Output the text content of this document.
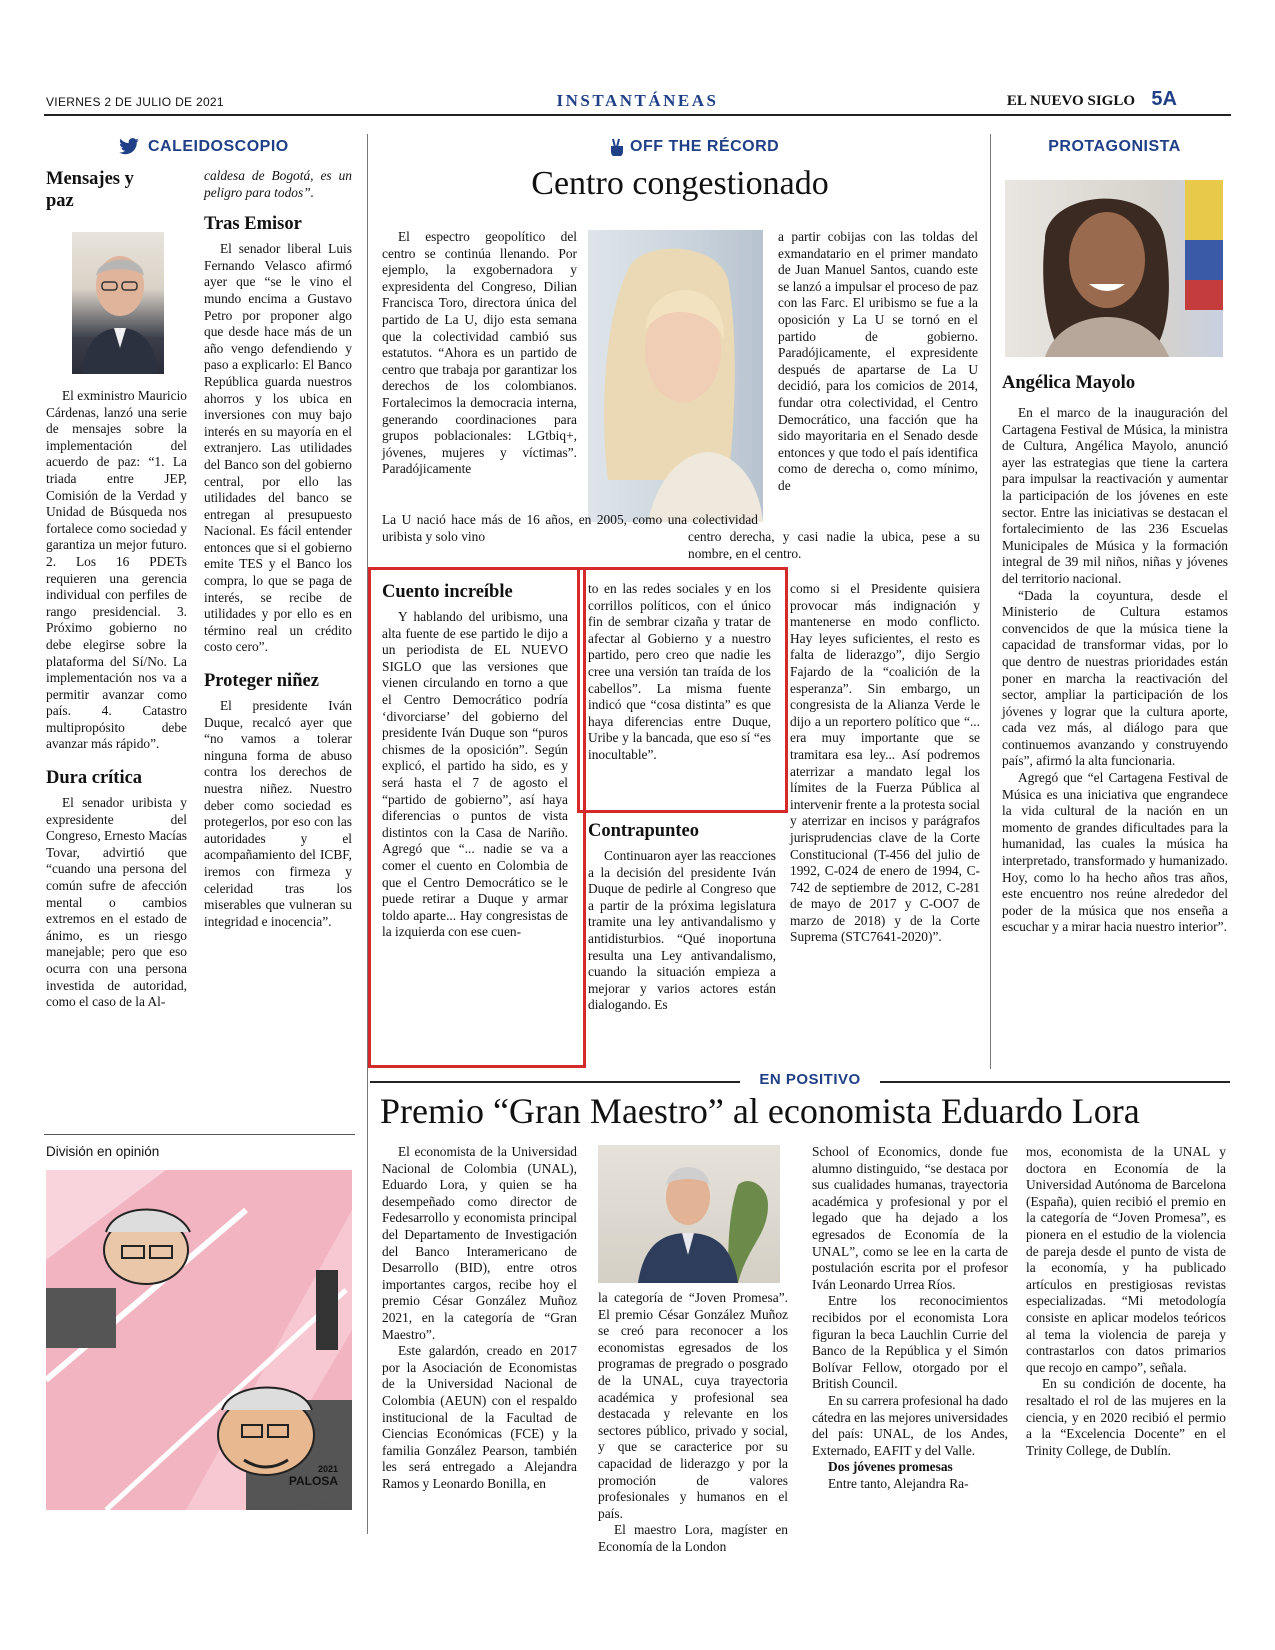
VIERNES 2 DE JULIO DE 2021	INSTANTÁNEAS	EL NUEVO SIGLO 5A
CALEIDOSCOPIO
Mensajes y paz

El exministro Mauricio Cárdenas, lanzó una serie de mensajes sobre la implementación del acuerdo de paz: “1. La triada entre JEP, Comisión de la Verdad y Unidad de Búsqueda nos fortalece como sociedad y garantiza un mejor futuro. 2. Los 16 PDETs requieren una gerencia individual con perfiles de rango presidencial. 3. Próximo gobierno no debe elegirse sobre la plataforma del Sí/No. La implementación nos va a permitir avanzar como país. 4. Catastro multipropósito debe avanzar más rápido”.

Dura crítica

El senador uribista y expresidente del Congreso, Ernesto Macías Tovar, advirtió que “cuando una persona del común sufre de afección mental o cambios extremos en el estado de ánimo, es un riesgo manejable; pero que eso ocurra con una persona investida de autoridad, como el caso de la Al-

caldesa de Bogotá, es un peligro para todos”.

Tras Emisor

El senador liberal Luis Fernando Velasco afirmó ayer que “se le vino el mundo encima a Gustavo Petro por proponer algo que desde hace más de un año vengo defendiendo y paso a explicarlo: El Banco República guarda nuestros ahorros y los ubica en inversiones con muy bajo interés en su mayoría en el extranjero. Las utilidades del Banco son del gobierno central, por ello las utilidades del banco se entregan al presupuesto Nacional. Es fácil entender entonces que si el gobierno emite TES y el Banco los compra, lo que se paga de interés, se recibe de utilidades y por ello es en término real un crédito costo cero”.

Proteger niñez

El presidente Iván Duque, recalcó ayer que “no vamos a tolerar ninguna forma de abuso contra los derechos de nuestra niñez. Nuestro deber como sociedad es protegerlos, por eso con las autoridades y el acompañamiento del ICBF, iremos con firmeza y celeridad tras los miserables que vulneran su integridad e inocencia”.

División en opinión
2021
PALOSA
T-I-F @Palosatoon
OFF THE RÉCORD
Centro congestionado

El espectro geopolítico del centro se continúa llenando. Por ejemplo, la exgobernadora y expresidenta del Congreso, Dilian Francisca Toro, directora única del partido de La U, dijo esta semana que la colectividad cambió sus estatutos. “Ahora es un partido de centro que trabaja por garantizar los derechos de los colombianos. Fortalecimos la democracia interna, generando coordinaciones para grupos poblacionales: LGtbiq+, jóvenes, mujeres y víctimas”. Paradójicamente

La U nació hace más de 16 años, en 2005, como una colectividad uribista y solo vino	centro derecha, y casi nadie la ubica, pese a su nombre, en el centro.

a partir cobijas con las toldas del exmandatario en el primer mandato de Juan Manuel Santos, cuando este se lanzó a impulsar el proceso de paz con las Farc. El uribismo se fue a la oposición y La U se tornó en el partido de gobierno. Paradójicamente, el expresidente después de apartarse de La U decidió, para los comicios de 2014, fundar otra colectividad, el Centro Democrático, una facción que ha sido mayoritaria en el Senado desde entonces y que todo el país identifica como de derecha o, como mínimo, de

Cuento increíble

Y hablando del uribismo, una alta fuente de ese partido le dijo a un periodista de EL NUEVO SIGLO que las versiones que vienen circulando en torno a que el Centro Democrático podría ‘divorciarse’ del gobierno del presidente Iván Duque son “puros chismes de la oposición”. Según explicó, el partido ha sido, es y será hasta el 7 de agosto el “partido de gobierno”, así haya diferencias o puntos de vista distintos con la Casa de Nariño. Agregó que “... nadie se va a comer el cuento en Colombia de que el Centro Democrático se le puede retirar a Duque y armar toldo aparte... Hay congresistas de la izquierda con ese cuen-

to en las redes sociales y en los corrillos políticos, con el único fin de sembrar cizaña y tratar de afectar al Gobierno y a nuestro partido, pero creo que nadie les cree una versión tan traída de los cabellos”. La misma fuente indicó que “cosa distinta” es que haya diferencias entre Duque, Uribe y la bancada, que eso sí “es inocultable”.

Contrapunteo

Continuaron ayer las reacciones a la decisión del presidente Iván Duque de pedirle al Congreso que a partir de la próxima legislatura tramite una ley antivandalismo y antidisturbios. “Qué inoportuna resulta una Ley antivandalismo, cuando la situación empieza a mejorar y varios actores están dialogando. Es

como si el Presidente quisiera provocar más indignación y mantenerse en modo conflicto. Hay leyes suficientes, el resto es falta de liderazgo”, dijo Sergio Fajardo de la “coalición de la esperanza”. Sin embargo, un congresista de la Alianza Verde le dijo a un reportero político que “... era muy importante que se tramitara esa ley... Así podremos aterrizar a mandato legal los límites de la Fuerza Pública al intervenir frente a la protesta social y aterrizar en incisos y parágrafos jurisprudencias clave de la Corte Constitucional (T-456 del julio de 1992, C-024 de enero de 1994, C-742 de septiembre de 2012, C-281 de mayo de 2017 y C-OO7 de marzo de 2018) y de la Corte Suprema (STC7641-2020)”.

PROTAGONISTA
Angélica Mayolo

En el marco de la inauguración del Cartagena Festival de Música, la ministra de Cultura, Angélica Mayolo, anunció ayer las estrategias que tiene la cartera para impulsar la reactivación y aumentar la participación de los jóvenes en este sector. Entre las iniciativas se destacan el fortalecimiento de las 236 Escuelas Municipales de Música y la formación integral de 39 mil niños, niñas y jóvenes del territorio nacional.

“Dada la coyuntura, desde el Ministerio de Cultura estamos convencidos de que la música tiene la capacidad de transformar vidas, por lo que dentro de nuestras prioridades están poner en marcha la reactivación del sector, ampliar la participación de los jóvenes y lograr que la cultura aporte, cada vez más, al diálogo para que continuemos avanzando y construyendo país”, afirmó la alta funcionaria.

Agregó que “el Cartagena Festival de Música es una iniciativa que engrandece la vida cultural de la nación en un momento de grandes dificultades para la humanidad, las cuales la música ha interpretado, transformado y humanizado. Hoy, como lo ha hecho años tras años, este encuentro nos reúne alrededor del poder de la música que nos enseña a escuchar y a mirar hacia nuestro interior”.

EN POSITIVO
Premio “Gran Maestro” al economista Eduardo Lora

El economista de la Universidad Nacional de Colombia (UNAL), Eduardo Lora, y quien se ha desempeñado como director de Fedesarrollo y economista principal del Departamento de Investigación del Banco Interamericano de Desarrollo (BID), entre otros importantes cargos, recibe hoy el premio César González Muñoz 2021, en la categoría de “Gran Maestro”.

Este galardón, creado en 2017 por la Asociación de Economistas de la Universidad Nacional de Colombia (AEUN) con el respaldo institucional de la Facultad de Ciencias Económicas (FCE) y la familia González Pearson, también les será entregado a Alejandra Ramos y Leonardo Bonilla, en

la categoría de “Joven Promesa”. El premio César González Muñoz se creó para reconocer a los economistas egresados de los programas de pregrado o posgrado de la UNAL, cuya trayectoria académica y profesional sea destacada y relevante en los sectores público, privado y social, y que se caracterice por su capacidad de liderazgo y por la promoción de valores profesionales y humanos en el país.

El maestro Lora, magíster en Economía de la London

School of Economics, donde fue alumno distinguido, “se destaca por sus cualidades humanas, trayectoria académica y profesional y por el legado que ha dejado a los egresados de Economía de la UNAL”, como se lee en la carta de postulación escrita por el profesor Iván Leonardo Urrea Ríos.

Entre los reconocimientos recibidos por el economista Lora figuran la beca Lauchlin Currie del Banco de la República y el Simón Bolívar Fellow, otorgado por el British Council.

En su carrera profesional ha dado cátedra en las mejores universidades del país: UNAL, de los Andes, Externado, EAFIT y del Valle.

Dos jóvenes promesas

Entre tanto, Alejandra Ra-

mos, economista de la UNAL y doctora en Economía de la Universidad Autónoma de Barcelona (España), quien recibió el premio en la categoría de “Joven Promesa”, es pionera en el estudio de la violencia de pareja desde el punto de vista de la economía, y ha publicado artículos en prestigiosas revistas especializadas. “Mi metodología consiste en aplicar modelos teóricos al tema la violencia de pareja y contrastarlos con datos primarios que recojo en campo”, señala.

En su condición de docente, ha resaltado el rol de las mujeres en la ciencia, y en 2020 recibió el permio a la “Excelencia Docente” en el Trinity College, de Dublín.
